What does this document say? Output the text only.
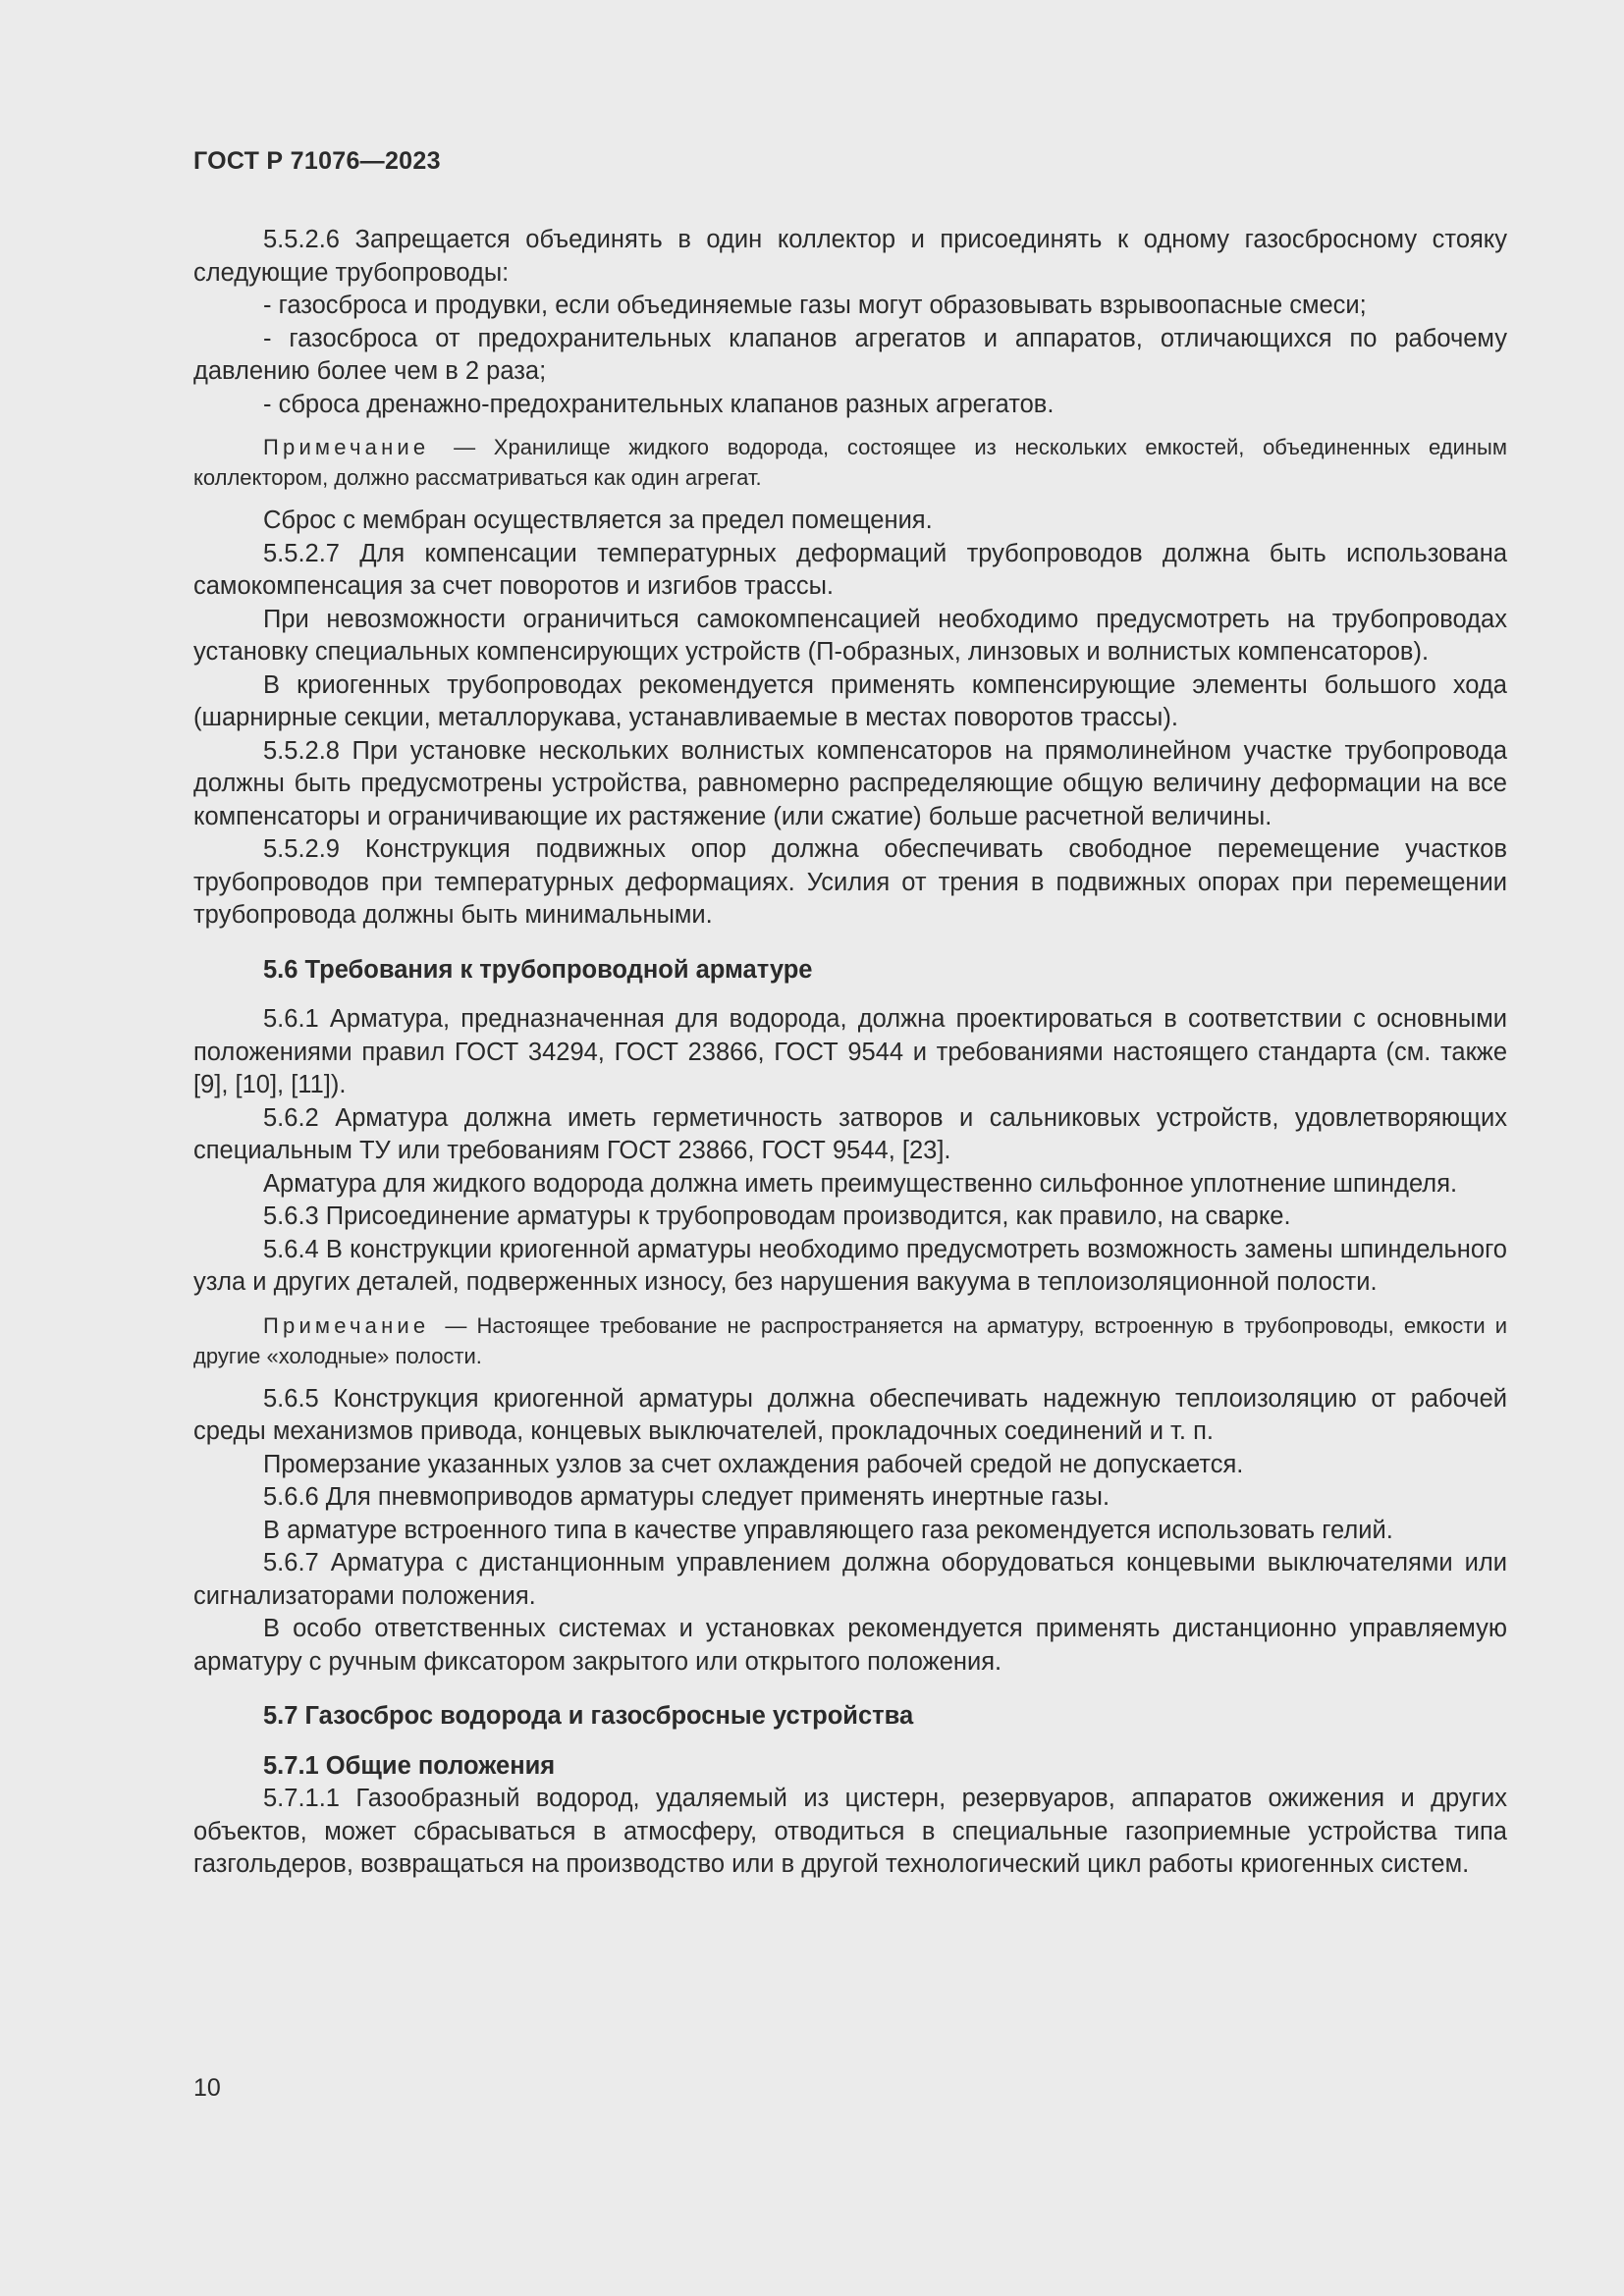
ГОСТ Р 71076—2023

5.5.2.6 Запрещается объединять в один коллектор и присоединять к одному газосбросному стояку следующие трубопроводы:

- газосброса и продувки, если объединяемые газы могут образовывать взрывоопасные смеси;

- газосброса от предохранительных клапанов агрегатов и аппаратов, отличающихся по рабочему давлению более чем в 2 раза;

- сброса дренажно-предохранительных клапанов разных агрегатов.

Примечание — Хранилище жидкого водорода, состоящее из нескольких емкостей, объединенных единым коллектором, должно рассматриваться как один агрегат.

Сброс с мембран осуществляется за предел помещения.

5.5.2.7 Для компенсации температурных деформаций трубопроводов должна быть использована самокомпенсация за счет поворотов и изгибов трассы.

При невозможности ограничиться самокомпенсацией необходимо предусмотреть на трубопроводах установку специальных компенсирующих устройств (П-образных, линзовых и волнистых компенсаторов).

В криогенных трубопроводах рекомендуется применять компенсирующие элементы большого хода (шарнирные секции, металлорукава, устанавливаемые в местах поворотов трассы).

5.5.2.8 При установке нескольких волнистых компенсаторов на прямолинейном участке трубопровода должны быть предусмотрены устройства, равномерно распределяющие общую величину деформации на все компенсаторы и ограничивающие их растяжение (или сжатие) больше расчетной величины.

5.5.2.9 Конструкция подвижных опор должна обеспечивать свободное перемещение участков трубопроводов при температурных деформациях. Усилия от трения в подвижных опорах при перемещении трубопровода должны быть минимальными.

5.6 Требования к трубопроводной арматуре

5.6.1 Арматура, предназначенная для водорода, должна проектироваться в соответствии с основными положениями правил ГОСТ 34294, ГОСТ 23866, ГОСТ 9544 и требованиями настоящего стандарта (см. также [9], [10], [11]).

5.6.2 Арматура должна иметь герметичность затворов и сальниковых устройств, удовлетворяющих специальным ТУ или требованиям ГОСТ 23866, ГОСТ 9544, [23].

Арматура для жидкого водорода должна иметь преимущественно сильфонное уплотнение шпинделя.

5.6.3 Присоединение арматуры к трубопроводам производится, как правило, на сварке.

5.6.4 В конструкции криогенной арматуры необходимо предусмотреть возможность замены шпиндельного узла и других деталей, подверженных износу, без нарушения вакуума в теплоизоляционной полости.

Примечание — Настоящее требование не распространяется на арматуру, встроенную в трубопроводы, емкости и другие «холодные» полости.

5.6.5 Конструкция криогенной арматуры должна обеспечивать надежную теплоизоляцию от рабочей среды механизмов привода, концевых выключателей, прокладочных соединений и т. п.

Промерзание указанных узлов за счет охлаждения рабочей средой не допускается.

5.6.6 Для пневмоприводов арматуры следует применять инертные газы.

В арматуре встроенного типа в качестве управляющего газа рекомендуется использовать гелий.

5.6.7 Арматура с дистанционным управлением должна оборудоваться концевыми выключателями или сигнализаторами положения.

В особо ответственных системах и установках рекомендуется применять дистанционно управляемую арматуру с ручным фиксатором закрытого или открытого положения.

5.7 Газосброс водорода и газосбросные устройства
5.7.1 Общие положения

5.7.1.1 Газообразный водород, удаляемый из цистерн, резервуаров, аппаратов ожижения и других объектов, может сбрасываться в атмосферу, отводиться в специальные газоприемные устройства типа газгольдеров, возвращаться на производство или в другой технологический цикл работы криогенных систем.

10
